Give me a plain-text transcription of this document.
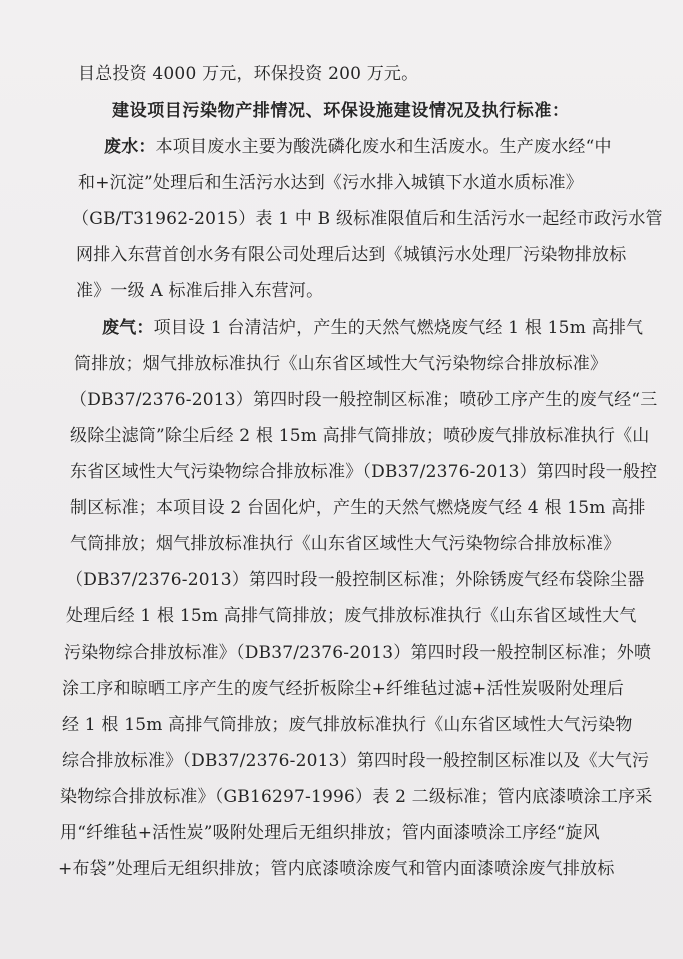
目总投资 4000 万元，环保投资 200 万元。
建设项目污染物产排情况、环保设施建设情况及执行标准：
废水：本项目废水主要为酸洗磷化废水和生活废水。生产废水经“中
和+沉淀”处理后和生活污水达到《污水排入城镇下水道水质标准》
（GB/T31962-2015）表 1 中 B 级标准限值后和生活污水一起经市政污水管
网排入东营首创水务有限公司处理后达到《城镇污水处理厂污染物排放标
准》一级 A 标准后排入东营河。
废气：项目设 1 台清洁炉，产生的天然气燃烧废气经 1 根 15m 高排气
筒排放；烟气排放标准执行《山东省区域性大气污染物综合排放标准》
（DB37/2376-2013）第四时段一般控制区标准；喷砂工序产生的废气经“三
级除尘滤筒”除尘后经 2 根 15m 高排气筒排放；喷砂废气排放标准执行《山
东省区域性大气污染物综合排放标准》（DB37/2376-2013）第四时段一般控
制区标准；本项目设 2 台固化炉，产生的天然气燃烧废气经 4 根 15m 高排
气筒排放；烟气排放标准执行《山东省区域性大气污染物综合排放标准》
（DB37/2376-2013）第四时段一般控制区标准；外除锈废气经布袋除尘器
处理后经 1 根 15m 高排气筒排放；废气排放标准执行《山东省区域性大气
污染物综合排放标准》（DB37/2376-2013）第四时段一般控制区标准；外喷
涂工序和晾晒工序产生的废气经折板除尘+纤维毡过滤+活性炭吸附处理后
经 1 根 15m 高排气筒排放；废气排放标准执行《山东省区域性大气污染物
综合排放标准》（DB37/2376-2013）第四时段一般控制区标准以及《大气污
染物综合排放标准》（GB16297-1996）表 2 二级标准；管内底漆喷涂工序采
用“纤维毡+活性炭”吸附处理后无组织排放；管内面漆喷涂工序经“旋风
+布袋”处理后无组织排放；管内底漆喷涂废气和管内面漆喷涂废气排放标
